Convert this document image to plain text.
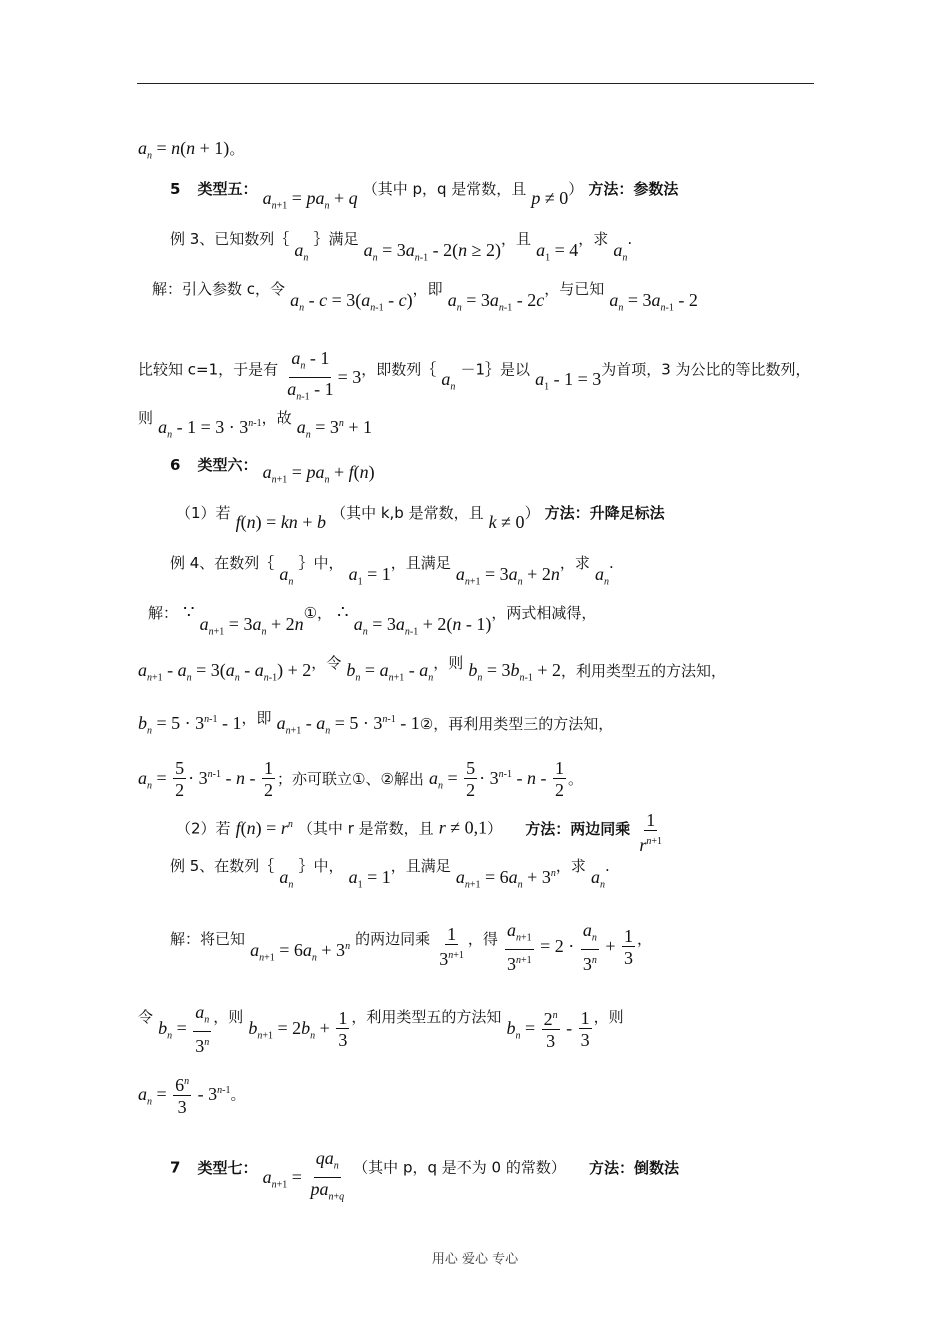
$a_n = n(n + 1)$。
5 类型五： $a_{n+1} = pa_n + q$ （其中 p，q 是常数，且 p ≠ 0） 方法：参数法
例 3、已知数列｛ $a_n$ ｝满足 $a_n = 3a_{n-1} - 2(n \ge 2)$，且 $a_1 = 4$，求 $a_n$.
解：引入参数 c，令 $a_n - c = 3(a_{n-1} - c)$，即 $a_n = 3a_{n-1} - 2c$，与已知 $a_n = 3a_{n-1} - 2$
比较知 c=1，于是有 $\frac{a_n - 1}{a_{n-1} - 1} = 3$，即数列｛ $a_n$ －1｝是以 $a_1 - 1 = 3$为首项，3 为公比的等比数列，
则 $a_n - 1 = 3 \cdot 3^{n-1}$，故 $a_n = 3^n + 1$
6 类型六： $a_{n+1} = pa_n + f(n)$
（1）若 f(n) = kn + b （其中 k,b 是常数，且 k ≠ 0） 方法：升降足标法
例 4、在数列｛ $a_n$ ｝中， $a_1 = 1$，且满足 $a_{n+1} = 3a_n + 2n$，求 $a_n$.
解： ∵ $a_{n+1} = 3a_n$ + 2n①， ∴ $a_n = 3a_{n-1} + 2(n - 1)$，两式相减得，
$a_{n+1} - a_n = 3(a_n - a_{n-1}) + 2$，令 $b_n = a_{n+1} - a_n$，则 $b_n = 3b_{n-1} + 2$，利用类型五的方法知，
$b_n = 5 \cdot 3^{n-1} - 1$，即 $a_{n+1} - a_n = 5 \cdot 3^{n-1}$ - 1②，再利用类型三的方法知，
$a_n = \frac{5}{2} \cdot 3^{n-1} - n - \frac{1}{2}$ ；亦可联立①、②解出 $a_n = \frac{5}{2} \cdot 3^{n-1} - n - \frac{1}{2}$ 。
（2）若 $f(n) = r^n$ （其中 r 是常数，且 r ≠ 0,1） 方法：两边同乘 $\frac{1}{r^{n+1}}$
例 5、在数列｛ $a_n$ ｝中， $a_1 = 1$，且满足 $a_{n+1} = 6a_n + 3^n$，求 $a_n$.
解：将已知 $a_{n+1} = 6a_n + 3^n$ 的两边同乘 $\frac{1}{3^{n+1}}$ ，得 $\frac{a_{n+1}}{3^{n+1}} = 2 \cdot \frac{a_n}{3^n} + \frac{1}{3}$ ，
令 $b_n = \frac{a_n}{3^n}$ ，则 $b_{n+1} = 2b_n + \frac{1}{3}$ ，利用类型五的方法知 $b_n = \frac{2^n}{3} - \frac{1}{3}$ ，则
$a_n = \frac{6^n}{3} - 3^{n-1}$。
7 类型七： $a_{n+1} = \frac{qa_n}{pa_{n+q}}$ （其中 p，q 是不为 0 的常数） 方法：倒数法
用心 爱心 专心
